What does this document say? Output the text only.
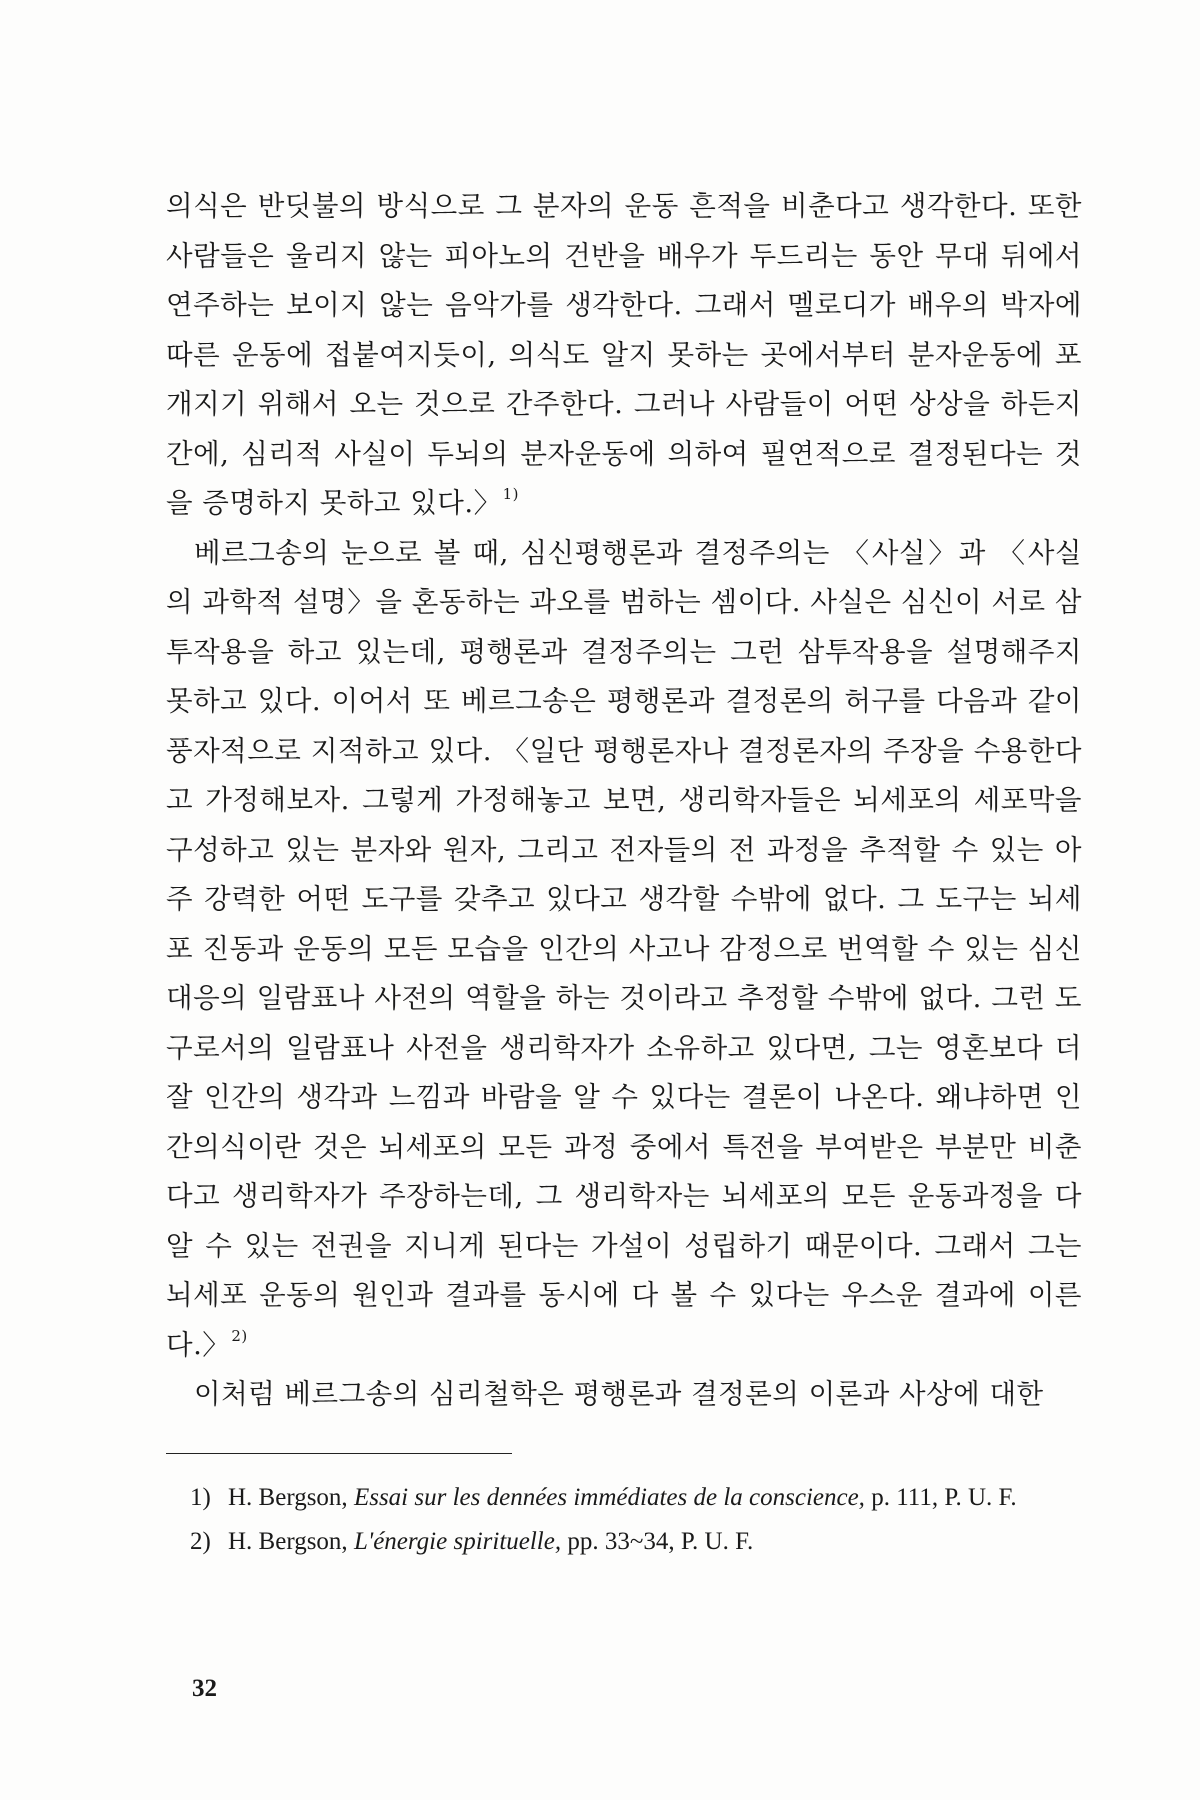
의식은 반딧불의 방식으로 그 분자의 운동 흔적을 비춘다고 생각한다. 또한 사람들은 울리지 않는 피아노의 건반을 배우가 두드리는 동안 무대 뒤에서 연주하는 보이지 않는 음악가를 생각한다. 그래서 멜로디가 배우의 박자에 따른 운동에 접붙여지듯이, 의식도 알지 못하는 곳에서부터 분자운동에 포개지기 위해서 오는 것으로 간주한다. 그러나 사람들이 어떤 상상을 하든지간에, 심리적 사실이 두뇌의 분자운동에 의하여 필연적으로 결정된다는 것을 증명하지 못하고 있다.〉$^{1)}$

베르그송의 눈으로 볼 때, 심신평행론과 결정주의는 〈사실〉과 〈사실의 과학적 설명〉을 혼동하는 과오를 범하는 셈이다. 사실은 심신이 서로 삼투작용을 하고 있는데, 평행론과 결정주의는 그런 삼투작용을 설명해주지 못하고 있다. 이어서 또 베르그송은 평행론과 결정론의 허구를 다음과 같이 풍자적으로 지적하고 있다. 〈일단 평행론자나 결정론자의 주장을 수용한다고 가정해보자. 그렇게 가정해놓고 보면, 생리학자들은 뇌세포의 세포막을 구성하고 있는 분자와 원자, 그리고 전자들의 전 과정을 추적할 수 있는 아주 강력한 어떤 도구를 갖추고 있다고 생각할 수밖에 없다. 그 도구는 뇌세포 진동과 운동의 모든 모습을 인간의 사고나 감정으로 번역할 수 있는 심신대응의 일람표나 사전의 역할을 하는 것이라고 추정할 수밖에 없다. 그런 도구로서의 일람표나 사전을 생리학자가 소유하고 있다면, 그는 영혼보다 더 잘 인간의 생각과 느낌과 바람을 알 수 있다는 결론이 나온다. 왜냐하면 인간의식이란 것은 뇌세포의 모든 과정 중에서 특전을 부여받은 부분만 비춘다고 생리학자가 주장하는데, 그 생리학자는 뇌세포의 모든 운동과정을 다 알 수 있는 전권을 지니게 된다는 가설이 성립하기 때문이다. 그래서 그는 뇌세포 운동의 원인과 결과를 동시에 다 볼 수 있다는 우스운 결과에 이른다.〉$^{2)}$

이처럼 베르그송의 심리철학은 평행론과 결정론의 이론과 사상에 대한

1) H. Bergson, Essai sur les dennées immédiates de la conscience, p. 111, P. U. F.

2) H. Bergson, L'énergie spirituelle, pp. 33~34, P. U. F.

32
